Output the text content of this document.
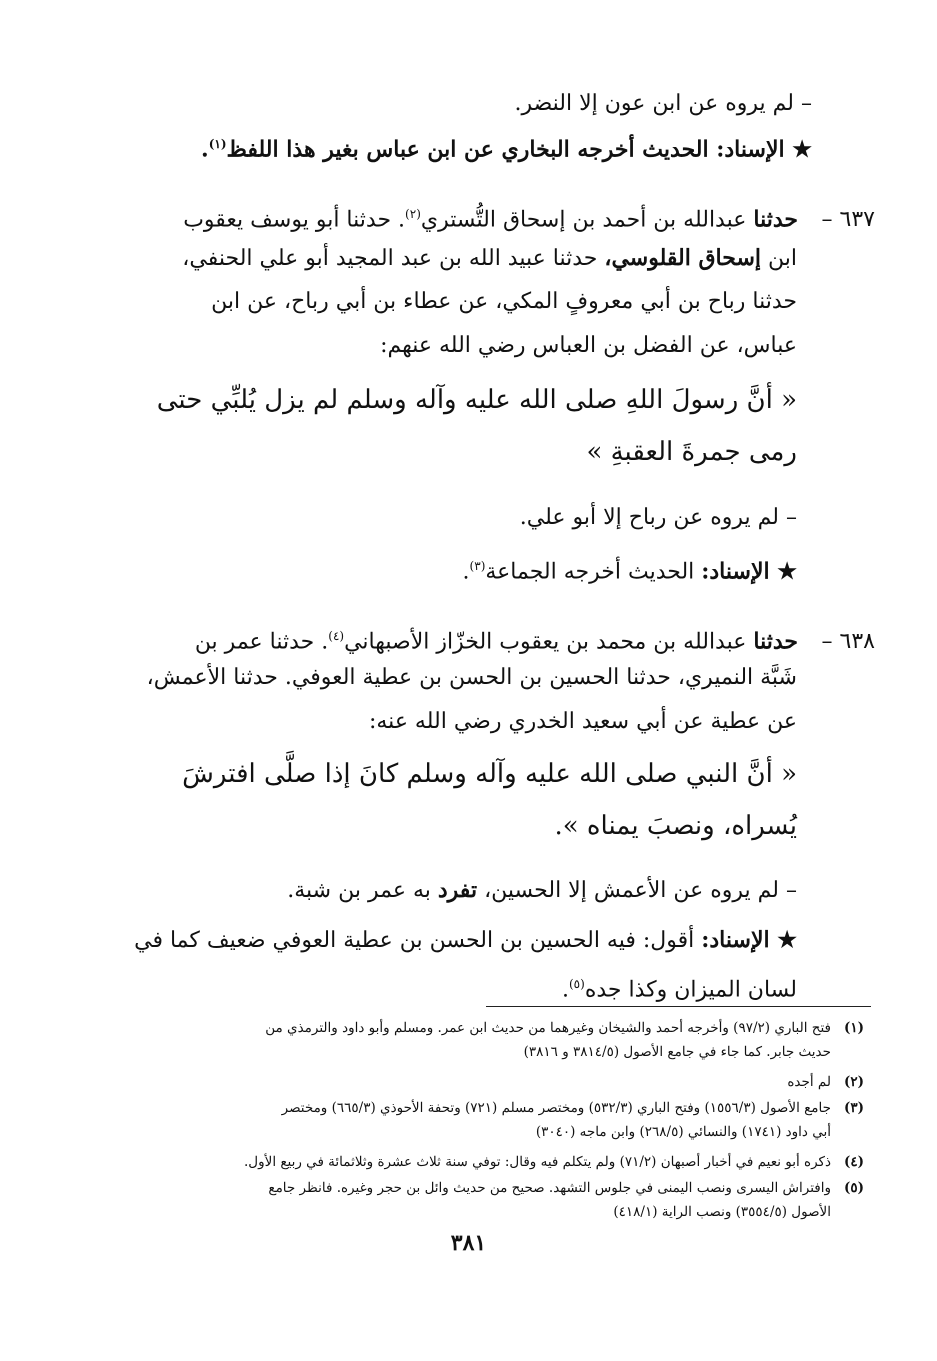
– لم يروه عن ابن عون إلا النضر.
★ الإسناد: الحديث أخرجه البخاري عن ابن عباس بغير هذا اللفظ$^{(١)}$.
٦٣٧ – حدثنا عبدالله بن أحمد بن إسحاق التُّستري$^{(٢)}$. حدثنا أبو يوسف يعقوب
ابن إسحاق القلوسي، حدثنا عبيد الله بن عبد المجيد أبو علي الحنفي،
حدثنا رباح بن أبي معروفٍ المكي، عن عطاء بن أبي رباح، عن ابن
عباس، عن الفضل بن العباس رضي الله عنهم:
« أنَّ رسولَ اللهِ صلى الله عليه وآله وسلم لم يزل يُلبِّي حتى
رمى جمرةَ العقبةِ »
– لم يروه عن رباح إلا أبو علي.
★ الإسناد: الحديث أخرجه الجماعة$^{(٣)}$.
٦٣٨ – حدثنا عبدالله بن محمد بن يعقوب الخزّاز الأصبهاني$^{(٤)}$. حدثنا عمر بن
شَبَّة النميري، حدثنا الحسين بن الحسن بن عطية العوفي. حدثنا الأعمش،
عن عطية عن أبي سعيد الخدري رضي الله عنه:
« أنَّ النبي صلى الله عليه وآله وسلم كانَ إذا صلَّى افترشَ
يُسراه، ونصبَ يمناه ».
– لم يروه عن الأعمش إلا الحسين، تفرد به عمر بن شبة.
★ الإسناد: أقول: فيه الحسين بن الحسن بن عطية العوفي ضعيف كما في
لسان الميزان وكذا جده$^{(٥)}$.
(١)فتح الباري (٩٧/٢) وأخرجه أحمد والشيخان وغيرهما من حديث ابن عمر. ومسلم وأبو داود والترمذي من
حديث جابر. كما جاء في جامع الأصول (٣٨١٤/٥ و ٣٨١٦)
(٢)لم أجده
(٣)جامع الأصول (١٥٥٦/٣) وفتح الباري (٥٣٢/٣) ومختصر مسلم (٧٢١) وتحفة الأحوذي (٦٦٥/٣) ومختصر
أبي داود (١٧٤١) والنسائي (٢٦٨/٥) وابن ماجه (٣٠٤٠)
(٤)ذكره أبو نعيم في أخبار أصبهان (٧١/٢) ولم يتكلم فيه وقال: توفي سنة ثلاث عشرة وثلاثمائة في ربيع الأول.
(٥)وافتراش اليسرى ونصب اليمنى في جلوس التشهد. صحيح من حديث وائل بن حجر وغيره. فانظر جامع
الأصول (٣٥٥٤/٥) ونصب الراية (٤١٨/١)
٣٨١
